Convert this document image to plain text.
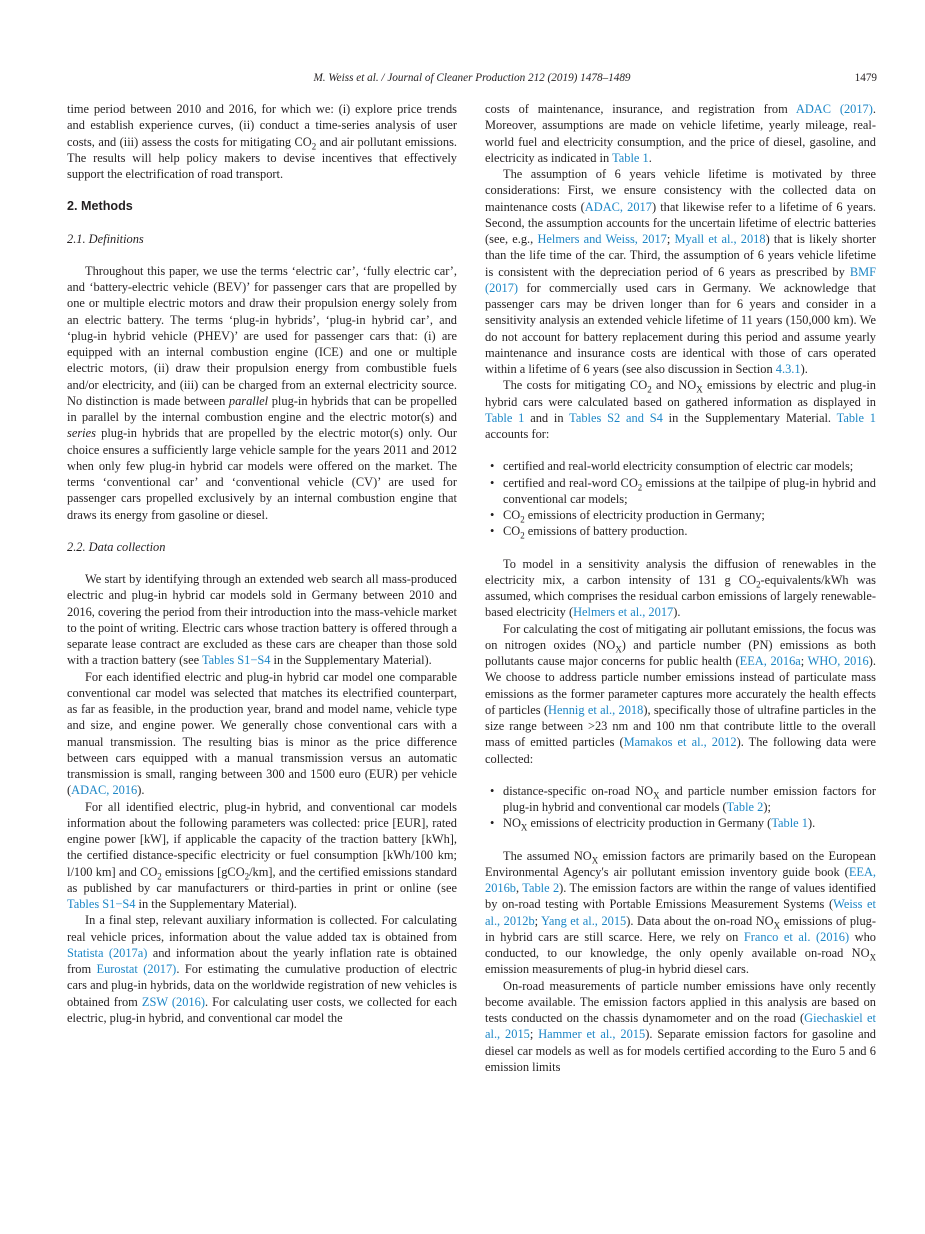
M. Weiss et al. / Journal of Cleaner Production 212 (2019) 1478–1489	1479

time period between 2010 and 2016, for which we: (i) explore price trends and establish experience curves, (ii) conduct a time-series analysis of user costs, and (iii) assess the costs for mitigating $CO_2$ and air pollutant emissions. The results will help policy makers to devise incentives that effectively support the electrification of road transport.

2. Methods

2.1. Definitions

Throughout this paper, we use the terms ‘electric car’, ‘fully electric car’, and ‘battery-electric vehicle (BEV)’ for passenger cars that are propelled by one or multiple electric motors and draw their propulsion energy solely from an electric battery. The terms ‘plug-in hybrids’, ‘plug-in hybrid car’, and ‘plug-in hybrid vehicle (PHEV)’ are used for passenger cars that: (i) are equipped with an internal combustion engine (ICE) and one or multiple electric motors, (ii) draw their propulsion energy from combustible fuels and/or electricity, and (iii) can be charged from an external electricity source. No distinction is made between parallel plug-in hybrids that can be propelled in parallel by the internal combustion engine and the electric motor(s) and series plug-in hybrids that are propelled by the electric motor(s) only. Our choice ensures a sufficiently large vehicle sample for the years 2011 and 2012 when only few plug-in hybrid car models were offered on the market. The terms ‘conventional car’ and ‘conventional vehicle (CV)’ are used for passenger cars propelled exclusively by an internal combustion engine that draws its energy from gasoline or diesel.

2.2. Data collection

We start by identifying through an extended web search all mass-produced electric and plug-in hybrid car models sold in Germany between 2010 and 2016, covering the period from their introduction into the mass-vehicle market to the point of writing. Electric cars whose traction battery is offered through a separate lease contract are excluded as these cars are cheaper than those sold with a traction battery (see Tables S1−S4 in the Supplementary Material).

For each identified electric and plug-in hybrid car model one comparable conventional car model was selected that matches its electrified counterpart, as far as feasible, in the production year, brand and model name, vehicle type and size, and engine power. We generally chose conventional cars with a manual transmission. The resulting bias is minor as the price difference between cars equipped with a manual transmission versus an automatic transmission is small, ranging between 300 and 1500 euro (EUR) per vehicle (ADAC, 2016).

For all identified electric, plug-in hybrid, and conventional car models information about the following parameters was collected: price [EUR], rated engine power [kW], if applicable the capacity of the traction battery [kWh], the certified distance-specific electricity or fuel consumption [kWh/100 km; l/100 km] and $CO_2$ emissions [gCO$_2$/km], and the certified emissions standard as published by car manufacturers or third-parties in print or online (see Tables S1−S4 in the Supplementary Material).

In a final step, relevant auxiliary information is collected. For calculating real vehicle prices, information about the value added tax is obtained from Statista (2017a) and information about the yearly inflation rate is obtained from Eurostat (2017). For estimating the cumulative production of electric cars and plug-in hybrids, data on the worldwide registration of new vehicles is obtained from ZSW (2016). For calculating user costs, we collected for each electric, plug-in hybrid, and conventional car model the

costs of maintenance, insurance, and registration from ADAC (2017). Moreover, assumptions are made on vehicle lifetime, yearly mileage, real-world fuel and electricity consumption, and the price of diesel, gasoline, and electricity as indicated in Table 1.

The assumption of 6 years vehicle lifetime is motivated by three considerations: First, we ensure consistency with the collected data on maintenance costs (ADAC, 2017) that likewise refer to a lifetime of 6 years. Second, the assumption accounts for the uncertain lifetime of electric batteries (see, e.g., Helmers and Weiss, 2017; Myall et al., 2018) that is likely shorter than the life time of the car. Third, the assumption of 6 years vehicle lifetime is consistent with the depreciation period of 6 years as prescribed by BMF (2017) for commercially used cars in Germany. We acknowledge that passenger cars may be driven longer than for 6 years and consider in a sensitivity analysis an extended vehicle lifetime of 11 years (150,000 km). We do not account for battery replacement during this period and assume yearly maintenance and insurance costs are identical with those of cars operated within a lifetime of 6 years (see also discussion in Section 4.3.1).

The costs for mitigating $CO_2$ and $NO_X$ emissions by electric and plug-in hybrid cars were calculated based on gathered information as displayed in Table 1 and in Tables S2 and S4 in the Supplementary Material. Table 1 accounts for:

• certified and real-world electricity consumption of electric car models;
• certified and real-word $CO_2$ emissions at the tailpipe of plug-in hybrid and conventional car models;
• $CO_2$ emissions of electricity production in Germany;
• $CO_2$ emissions of battery production.

To model in a sensitivity analysis the diffusion of renewables in the electricity mix, a carbon intensity of 131 g $CO_2-equivalents$/kWh was assumed, which comprises the residual carbon emissions of largely renewable-based electricity (Helmers et al., 2017).

For calculating the cost of mitigating air pollutant emissions, the focus was on nitrogen oxides $(NO_X)$ and particle number (PN) emissions as both pollutants cause major concerns for public health (EEA, 2016a; WHO, 2016). We choose to address particle number emissions instead of particulate mass emissions as the former parameter captures more accurately the health effects of particles (Hennig et al., 2018), specifically those of ultrafine particles in the size range between >23 nm and 100 nm that contribute little to the overall mass of emitted particles (Mamakos et al., 2012). The following data were collected:

• distance-specific on-road $NO_X$ and particle number emission factors for plug-in hybrid and conventional car models (Table 2);
• $NO_X$ emissions of electricity production in Germany (Table 1).

The assumed $NO_X$ emission factors are primarily based on the European Environmental Agency's air pollutant emission inventory guide book (EEA, 2016b, Table 2). The emission factors are within the range of values identified by on-road testing with Portable Emissions Measurement Systems (Weiss et al., 2012b; Yang et al., 2015). Data about the on-road $NO_X$ emissions of plug-in hybrid cars are still scarce. Here, we rely on Franco et al. (2016) who conducted, to our knowledge, the only openly available on-road $NO_X$ emission measurements of plug-in hybrid diesel cars.

On-road measurements of particle number emissions have only recently become available. The emission factors applied in this analysis are based on tests conducted on the chassis dynamometer and on the road (Giechaskiel et al., 2015; Hammer et al., 2015). Separate emission factors for gasoline and diesel car models as well as for models certified according to the Euro 5 and 6 emission limits
